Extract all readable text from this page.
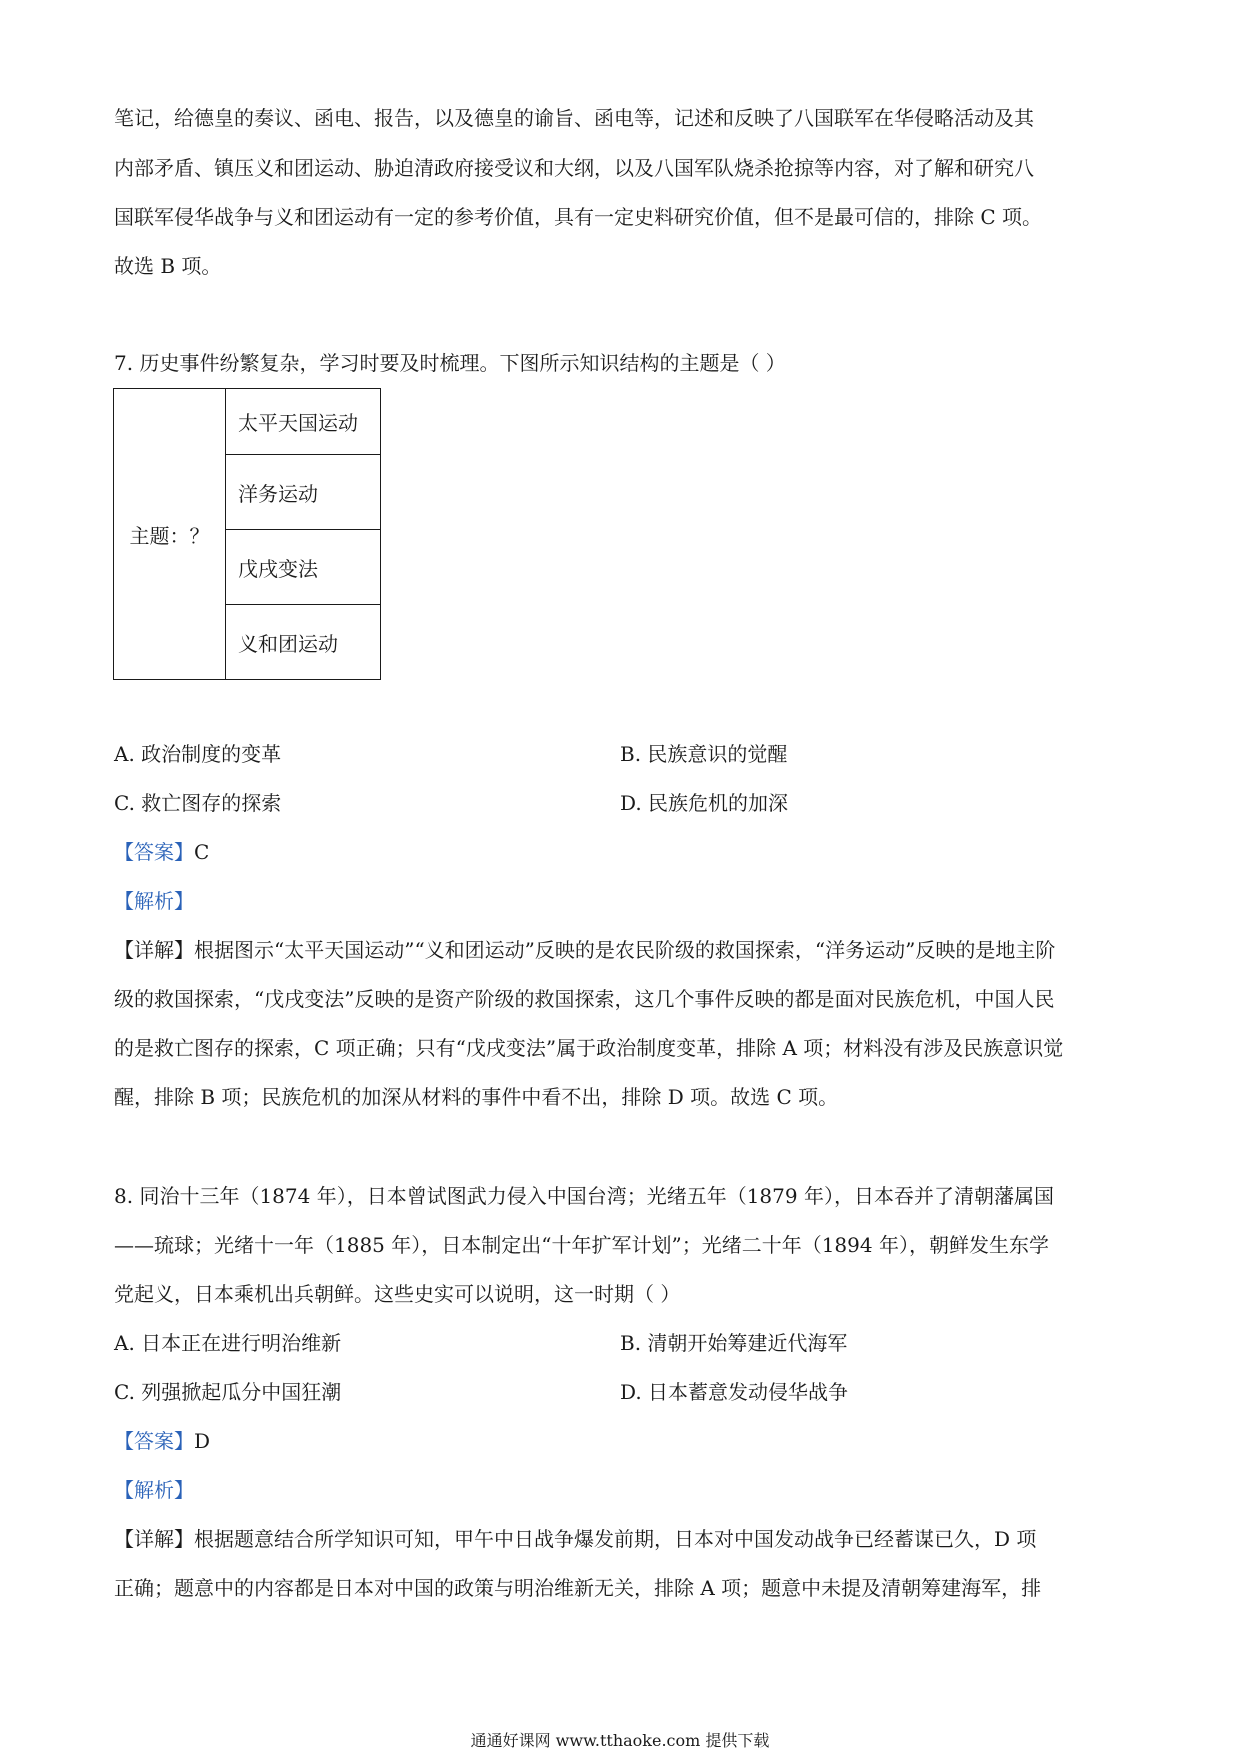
笔记，给德皇的奏议、函电、报告，以及德皇的谕旨、函电等，记述和反映了八国联军在华侵略活动及其
内部矛盾、镇压义和团运动、胁迫清政府接受议和大纲，以及八国军队烧杀抢掠等内容，对了解和研究八
国联军侵华战争与义和团运动有一定的参考价值，具有一定史料研究价值，但不是最可信的，排除 C 项。
故选 B 项。
7. 历史事件纷繁复杂，学习时要及时梳理。下图所示知识结构的主题是（ ）
主题：？
太平天国运动
洋务运动
戊戌变法
义和团运动
A. 政治制度的变革	B. 民族意识的觉醒
C. 救亡图存的探索	D. 民族危机的加深
【答案】C
【解析】
【详解】根据图示“太平天国运动”“义和团运动”反映的是农民阶级的救国探索，“洋务运动”反映的是地主阶
级的救国探索，“戊戌变法”反映的是资产阶级的救国探索，这几个事件反映的都是面对民族危机，中国人民
的是救亡图存的探索，C 项正确；只有“戊戌变法”属于政治制度变革，排除 A 项；材料没有涉及民族意识觉
醒，排除 B 项；民族危机的加深从材料的事件中看不出，排除 D 项。故选 C 项。
8. 同治十三年（1874 年），日本曾试图武力侵入中国台湾；光绪五年（1879 年），日本吞并了清朝藩属国
——琉球；光绪十一年（1885 年），日本制定出“十年扩军计划”；光绪二十年（1894 年），朝鲜发生东学
党起义，日本乘机出兵朝鲜。这些史实可以说明，这一时期（ ）
A. 日本正在进行明治维新	B. 清朝开始筹建近代海军
C. 列强掀起瓜分中国狂潮	D. 日本蓄意发动侵华战争
【答案】D
【解析】
【详解】根据题意结合所学知识可知，甲午中日战争爆发前期，日本对中国发动战争已经蓄谋已久，D 项
正确；题意中的内容都是日本对中国的政策与明治维新无关，排除 A 项；题意中未提及清朝筹建海军，排
通通好课网 www.tthaoke.com 提供下载
